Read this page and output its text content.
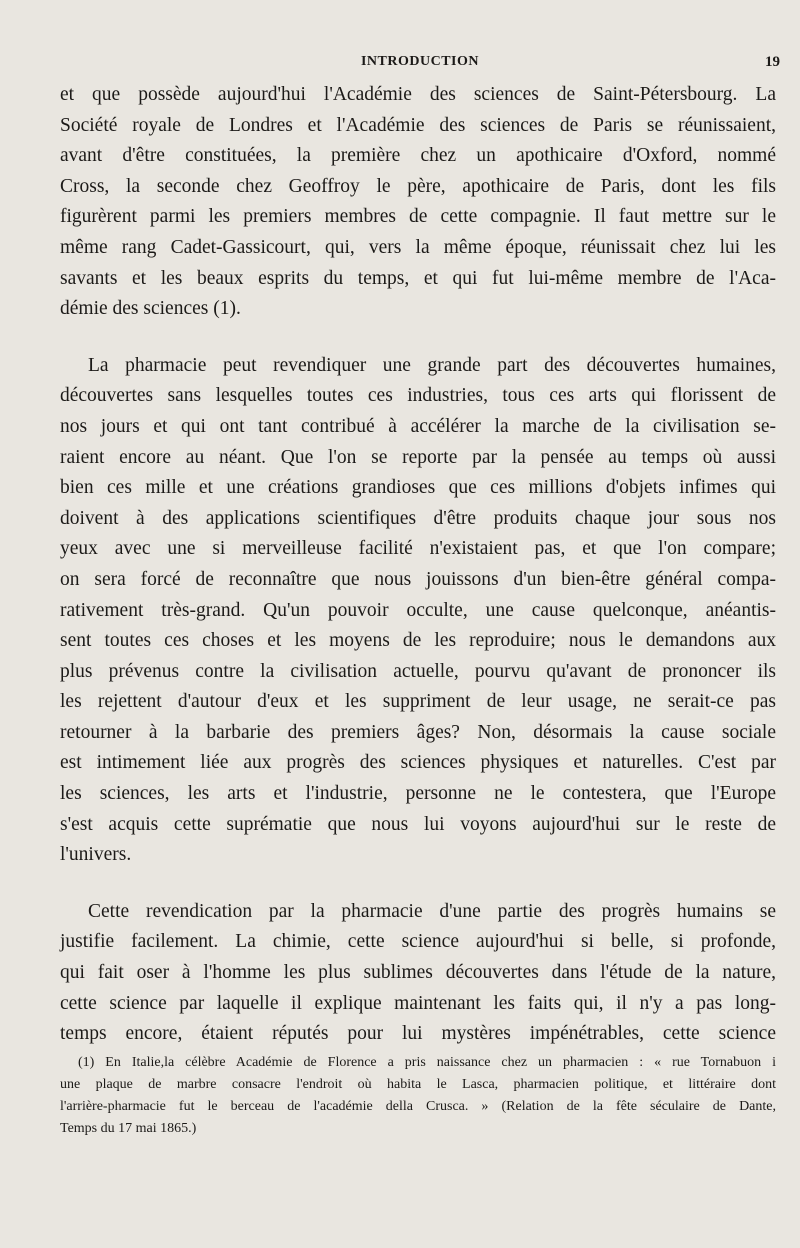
INTRODUCTION	19

et que possède aujourd'hui l'Académie des sciences de Saint-Pétersbourg. La
Société royale de Londres et l'Académie des sciences de Paris se réunissaient,
avant d'être constituées, la première chez un apothicaire d'Oxford, nommé
Cross, la seconde chez Geoffroy le père, apothicaire de Paris, dont les fils
figurèrent parmi les premiers membres de cette compagnie. Il faut mettre sur le
même rang Cadet-Gassicourt, qui, vers la même époque, réunissait chez lui les
savants et les beaux esprits du temps, et qui fut lui-même membre de l'Aca-
démie des sciences (1).

La pharmacie peut revendiquer une grande part des découvertes humaines,
découvertes sans lesquelles toutes ces industries, tous ces arts qui florissent de
nos jours et qui ont tant contribué à accélérer la marche de la civilisation se-
raient encore au néant. Que l'on se reporte par la pensée au temps où aussi
bien ces mille et une créations grandioses que ces millions d'objets infimes qui
doivent à des applications scientifiques d'être produits chaque jour sous nos
yeux avec une si merveilleuse facilité n'existaient pas, et que l'on compare;
on sera forcé de reconnaître que nous jouissons d'un bien-être général compa-
rativement très-grand. Qu'un pouvoir occulte, une cause quelconque, anéantis-
sent toutes ces choses et les moyens de les reproduire; nous le demandons aux
plus prévenus contre la civilisation actuelle, pourvu qu'avant de prononcer ils
les rejettent d'autour d'eux et les suppriment de leur usage, ne serait-ce pas
retourner à la barbarie des premiers âges? Non, désormais la cause sociale
est intimement liée aux progrès des sciences physiques et naturelles. C'est par
les sciences, les arts et l'industrie, personne ne le contestera, que l'Europe
s'est acquis cette suprématie que nous lui voyons aujourd'hui sur le reste de
l'univers.

Cette revendication par la pharmacie d'une partie des progrès humains se
justifie facilement. La chimie, cette science aujourd'hui si belle, si profonde,
qui fait oser à l'homme les plus sublimes découvertes dans l'étude de la nature,
cette science par laquelle il explique maintenant les faits qui, il n'y a pas long-
temps encore, étaient réputés pour lui mystères impénétrables, cette science

(1) En Italie,la célèbre Académie de Florence a pris naissance chez un pharmacien : « rue Tornabuon i
une plaque de marbre consacre l'endroit où habita le Lasca, pharmacien politique, et littéraire dont
l'arrière-pharmacie fut le berceau de l'académie della Crusca. » (Relation de la fête séculaire de Dante,
Temps du 17 mai 1865.)
